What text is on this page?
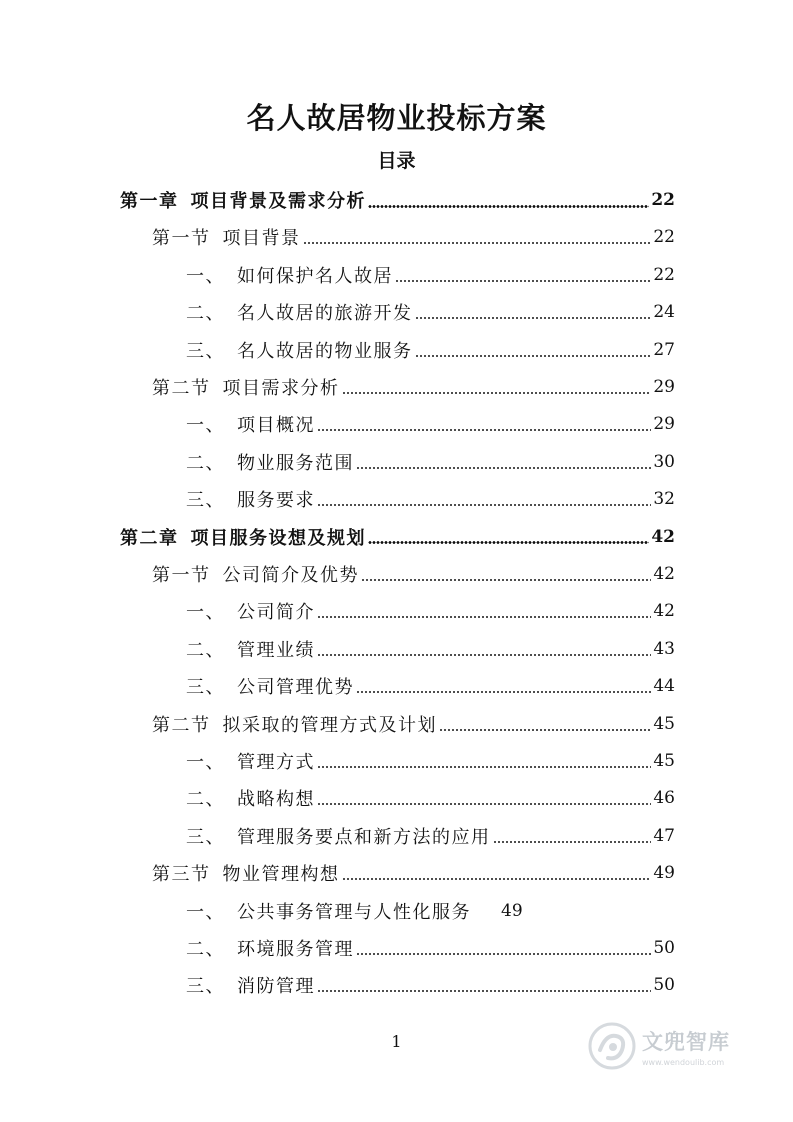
名人故居物业投标方案
目录
第一章 项目背景及需求分析	22
第一节 项目背景	22
一、 如何保护名人故居	22
二、 名人故居的旅游开发	24
三、 名人故居的物业服务	27
第二节 项目需求分析	29
一、 项目概况	29
二、 物业服务范围	30
三、 服务要求	32
第二章 项目服务设想及规划	42
第一节 公司简介及优势	42
一、 公司简介	42
二、 管理业绩	43
三、 公司管理优势	44
第二节 拟采取的管理方式及计划	45
一、 管理方式	45
二、 战略构想	46
三、 管理服务要点和新方法的应用	47
第三节 物业管理构想	49
一、 公共事务管理与人性化服务 49
二、 环境服务管理	50
三、 消防管理	50
1	文兜智库
www.wendoulib.com
